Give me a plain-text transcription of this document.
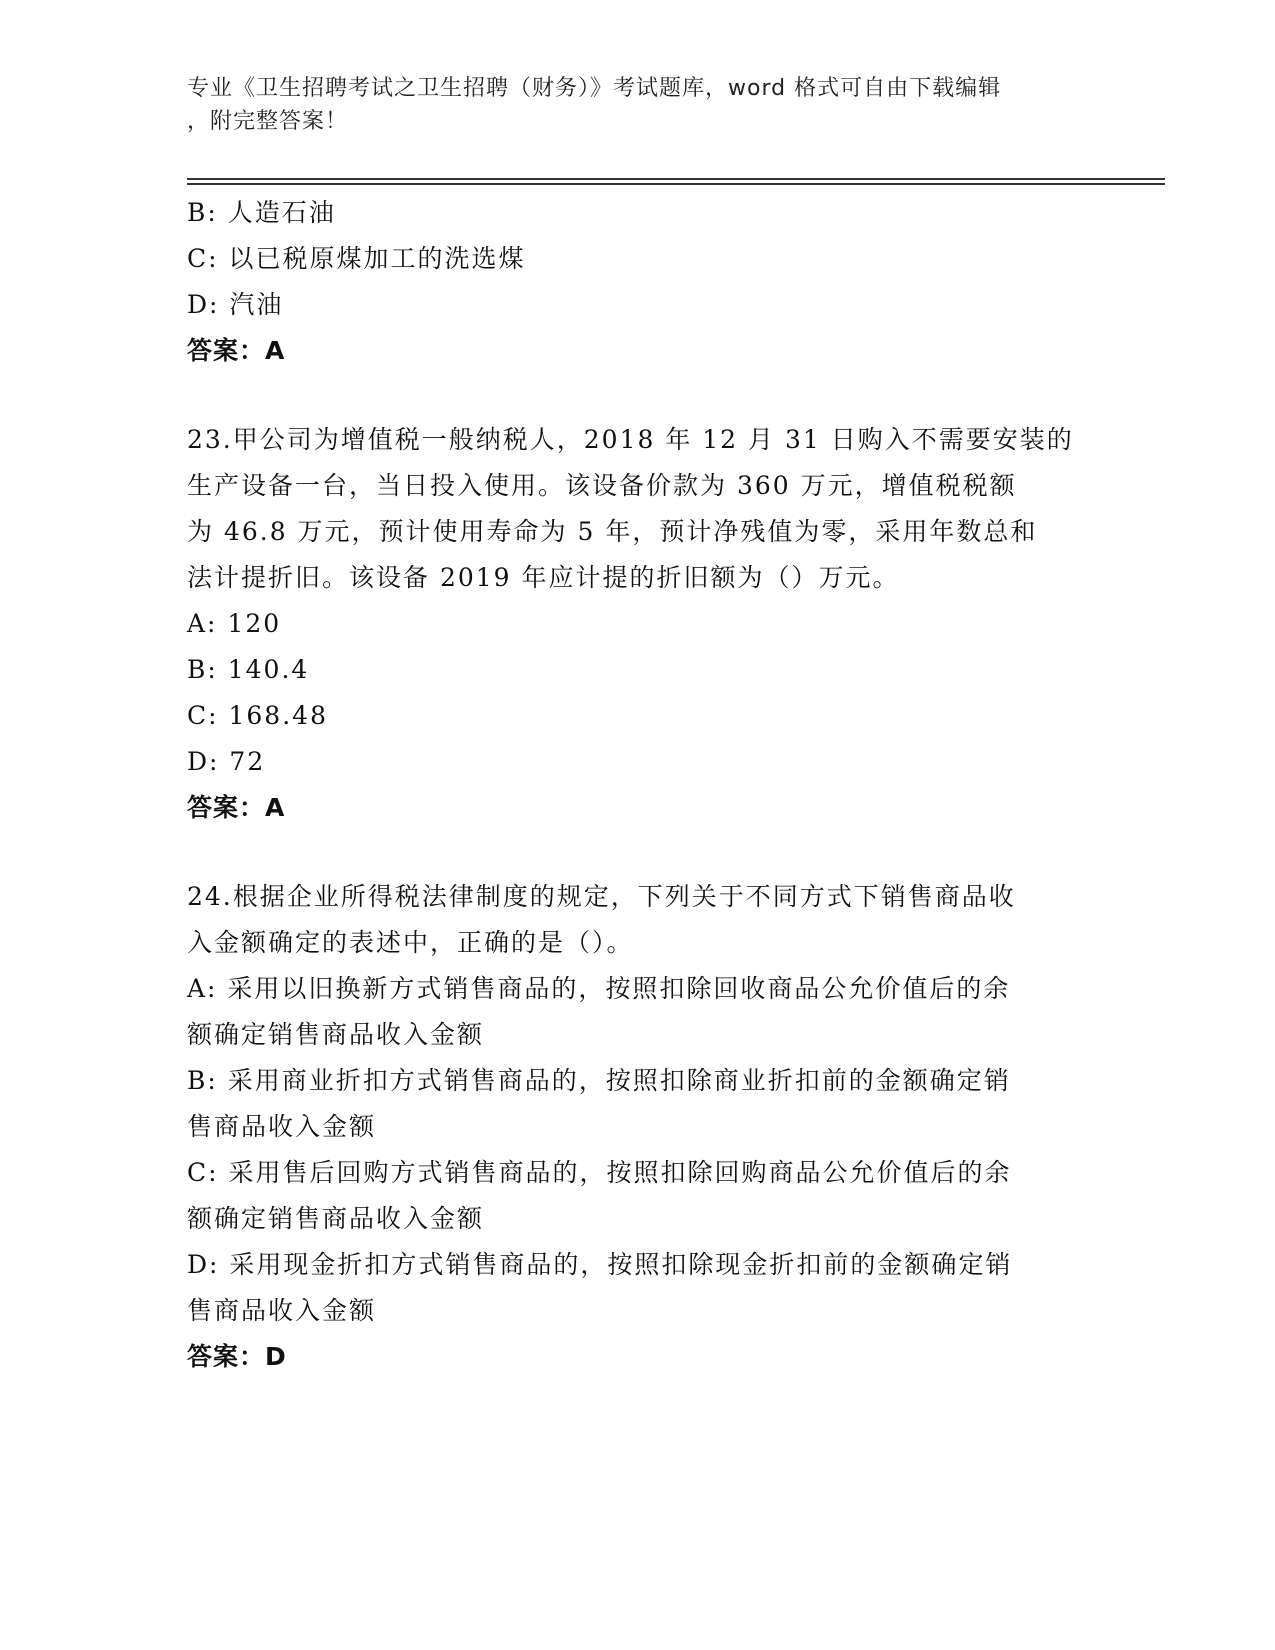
专业《卫生招聘考试之卫生招聘（财务）》考试题库，word 格式可自由下载编辑
，附完整答案！
B: 人造石油
C: 以已税原煤加工的洗选煤
D: 汽油
答案：A
23.甲公司为增值税一般纳税人，2018 年 12 月 31 日购入不需要安装的
生产设备一台，当日投入使用。该设备价款为 360 万元，增值税税额
为 46.8 万元，预计使用寿命为 5 年，预计净残值为零，采用年数总和
法计提折旧。该设备 2019 年应计提的折旧额为（）万元。
A: 120
B: 140.4
C: 168.48
D: 72
答案：A
24.根据企业所得税法律制度的规定，下列关于不同方式下销售商品收
入金额确定的表述中，正确的是（）。
A: 采用以旧换新方式销售商品的，按照扣除回收商品公允价值后的余
额确定销售商品收入金额
B: 采用商业折扣方式销售商品的，按照扣除商业折扣前的金额确定销
售商品收入金额
C: 采用售后回购方式销售商品的，按照扣除回购商品公允价值后的余
额确定销售商品收入金额
D: 采用现金折扣方式销售商品的，按照扣除现金折扣前的金额确定销
售商品收入金额
答案：D
